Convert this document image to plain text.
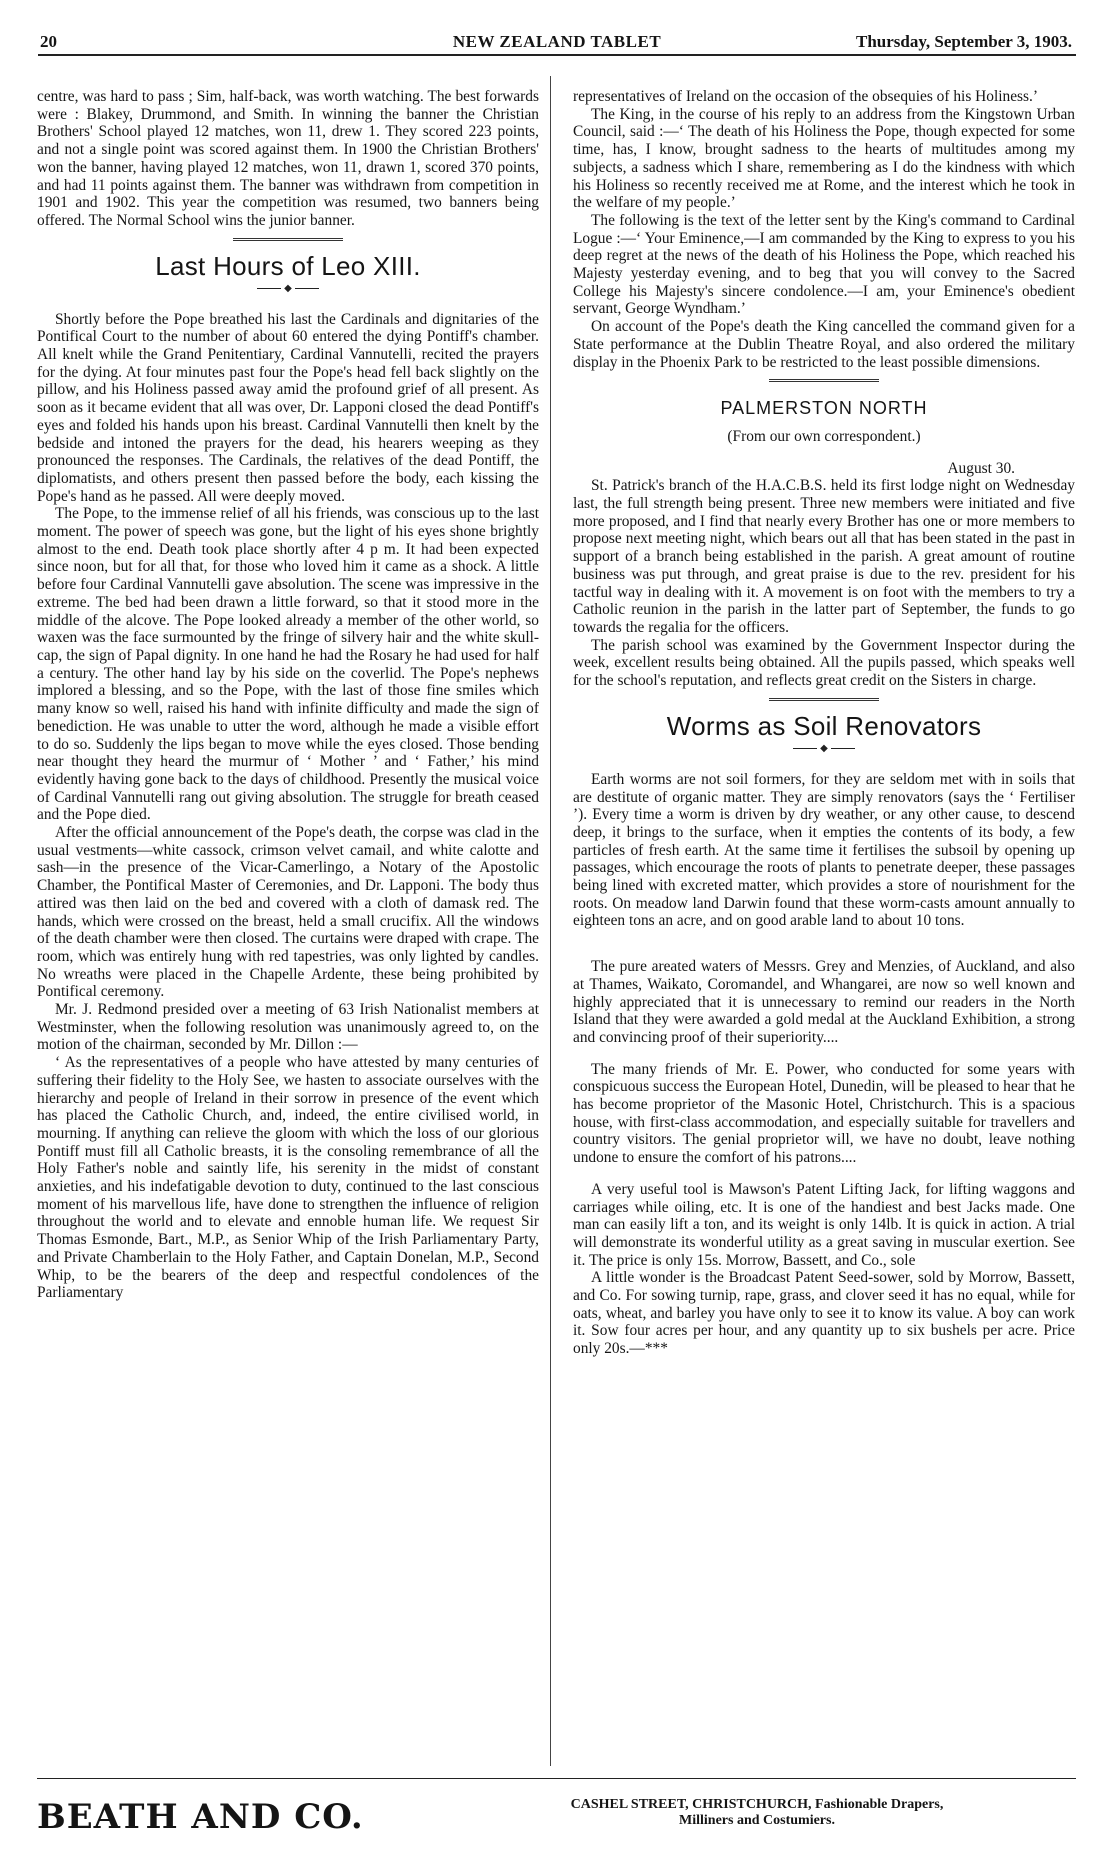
20	NEW ZEALAND TABLET	Thursday, September 3, 1903.

centre, was hard to pass ; Sim, half-back, was worth watching. The best forwards were : Blakey, Drummond, and Smith. In winning the banner the Christian Brothers' School played 12 matches, won 11, drew 1. They scored 223 points, and not a single point was scored against them. In 1900 the Christian Brothers' won the banner, having played 12 matches, won 11, drawn 1, scored 370 points, and had 11 points against them. The banner was withdrawn from competition in 1901 and 1902. This year the competition was resumed, two banners being offered. The Normal School wins the junior banner.

Last Hours of Leo XIII.
◆

Shortly before the Pope breathed his last the Cardinals and dignitaries of the Pontifical Court to the number of about 60 entered the dying Pontiff's chamber. All knelt while the Grand Penitentiary, Cardinal Vannutelli, recited the prayers for the dying. At four minutes past four the Pope's head fell back slightly on the pillow, and his Holiness passed away amid the profound grief of all present. As soon as it became evident that all was over, Dr. Lapponi closed the dead Pontiff's eyes and folded his hands upon his breast. Cardinal Vannutelli then knelt by the bedside and intoned the prayers for the dead, his hearers weeping as they pronounced the responses. The Cardinals, the relatives of the dead Pontiff, the diplomatists, and others present then passed before the body, each kissing the Pope's hand as he passed. All were deeply moved.

The Pope, to the immense relief of all his friends, was conscious up to the last moment. The power of speech was gone, but the light of his eyes shone brightly almost to the end. Death took place shortly after 4 p m. It had been expected since noon, but for all that, for those who loved him it came as a shock. A little before four Cardinal Vannutelli gave absolution. The scene was impressive in the extreme. The bed had been drawn a little forward, so that it stood more in the middle of the alcove. The Pope looked already a member of the other world, so waxen was the face surmounted by the fringe of silvery hair and the white skull-cap, the sign of Papal dignity. In one hand he had the Rosary he had used for half a century. The other hand lay by his side on the coverlid. The Pope's nephews implored a blessing, and so the Pope, with the last of those fine smiles which many know so well, raised his hand with infinite difficulty and made the sign of benediction. He was unable to utter the word, although he made a visible effort to do so. Suddenly the lips began to move while the eyes closed. Those bending near thought they heard the murmur of ‘ Mother ’ and ‘ Father,’ his mind evidently having gone back to the days of childhood. Presently the musical voice of Cardinal Vannutelli rang out giving absolution. The struggle for breath ceased and the Pope died.

After the official announcement of the Pope's death, the corpse was clad in the usual vestments—white cassock, crimson velvet camail, and white calotte and sash—in the presence of the Vicar-Camerlingo, a Notary of the Apostolic Chamber, the Pontifical Master of Ceremonies, and Dr. Lapponi. The body thus attired was then laid on the bed and covered with a cloth of damask red. The hands, which were crossed on the breast, held a small crucifix. All the windows of the death chamber were then closed. The curtains were draped with crape. The room, which was entirely hung with red tapestries, was only lighted by candles. No wreaths were placed in the Chapelle Ardente, these being prohibited by Pontifical ceremony.

Mr. J. Redmond presided over a meeting of 63 Irish Nationalist members at Westminster, when the following resolution was unanimously agreed to, on the motion of the chairman, seconded by Mr. Dillon :—

‘ As the representatives of a people who have attested by many centuries of suffering their fidelity to the Holy See, we hasten to associate ourselves with the hierarchy and people of Ireland in their sorrow in presence of the event which has placed the Catholic Church, and, indeed, the entire civilised world, in mourning. If anything can relieve the gloom with which the loss of our glorious Pontiff must fill all Catholic breasts, it is the consoling remembrance of all the Holy Father's noble and saintly life, his serenity in the midst of constant anxieties, and his indefatigable devotion to duty, continued to the last conscious moment of his marvellous life, have done to strengthen the influence of religion throughout the world and to elevate and ennoble human life. We request Sir Thomas Esmonde, Bart., M.P., as Senior Whip of the Irish Parliamentary Party, and Private Chamberlain to the Holy Father, and Captain Donelan, M.P., Second Whip, to be the bearers of the deep and respectful condolences of the Parliamentary

representatives of Ireland on the occasion of the obsequies of his Holiness.’

The King, in the course of his reply to an address from the Kingstown Urban Council, said :—‘ The death of his Holiness the Pope, though expected for some time, has, I know, brought sadness to the hearts of multitudes among my subjects, a sadness which I share, remembering as I do the kindness with which his Holiness so recently received me at Rome, and the interest which he took in the welfare of my people.’

The following is the text of the letter sent by the King's command to Cardinal Logue :—‘ Your Eminence,—I am commanded by the King to express to you his deep regret at the news of the death of his Holiness the Pope, which reached his Majesty yesterday evening, and to beg that you will convey to the Sacred College his Majesty's sincere condolence.—I am, your Eminence's obedient servant, George Wyndham.’

On account of the Pope's death the King cancelled the command given for a State performance at the Dublin Theatre Royal, and also ordered the military display in the Phoenix Park to be restricted to the least possible dimensions.

PALMERSTON NORTH
(From our own correspondent.)
August 30.

St. Patrick's branch of the H.A.C.B.S. held its first lodge night on Wednesday last, the full strength being present. Three new members were initiated and five more proposed, and I find that nearly every Brother has one or more members to propose next meeting night, which bears out all that has been stated in the past in support of a branch being established in the parish. A great amount of routine business was put through, and great praise is due to the rev. president for his tactful way in dealing with it. A movement is on foot with the members to try a Catholic reunion in the parish in the latter part of September, the funds to go towards the regalia for the officers.

The parish school was examined by the Government Inspector during the week, excellent results being obtained. All the pupils passed, which speaks well for the school's reputation, and reflects great credit on the Sisters in charge.

Worms as Soil Renovators
◆

Earth worms are not soil formers, for they are seldom met with in soils that are destitute of organic matter. They are simply renovators (says the ‘ Fertiliser ’). Every time a worm is driven by dry weather, or any other cause, to descend deep, it brings to the surface, when it empties the contents of its body, a few particles of fresh earth. At the same time it fertilises the subsoil by opening up passages, which encourage the roots of plants to penetrate deeper, these passages being lined with excreted matter, which provides a store of nourishment for the roots. On meadow land Darwin found that these worm-casts amount annually to eighteen tons an acre, and on good arable land to about 10 tons.

The pure areated waters of Messrs. Grey and Menzies, of Auckland, and also at Thames, Waikato, Coromandel, and Whangarei, are now so well known and highly appreciated that it is unnecessary to remind our readers in the North Island that they were awarded a gold medal at the Auckland Exhibition, a strong and convincing proof of their superiority....

The many friends of Mr. E. Power, who conducted for some years with conspicuous success the European Hotel, Dunedin, will be pleased to hear that he has become proprietor of the Masonic Hotel, Christchurch. This is a spacious house, with first-class accommodation, and especially suitable for travellers and country visitors. The genial proprietor will, we have no doubt, leave nothing undone to ensure the comfort of his patrons....

A very useful tool is Mawson's Patent Lifting Jack, for lifting waggons and carriages while oiling, etc. It is one of the handiest and best Jacks made. One man can easily lift a ton, and its weight is only 14lb. It is quick in action. A trial will demonstrate its wonderful utility as a great saving in muscular exertion. See it. The price is only 15s. Morrow, Bassett, and Co., sole

A little wonder is the Broadcast Patent Seed-sower, sold by Morrow, Bassett, and Co. For sowing turnip, rape, grass, and clover seed it has no equal, while for oats, wheat, and barley you have only to see it to know its value. A boy can work it. Sow four acres per hour, and any quantity up to six bushels per acre. Price only 20s.—***

BEATH AND CO.	CASHEL STREET, CHRISTCHURCH, Fashionable Drapers,
Milliners and Costumiers.
